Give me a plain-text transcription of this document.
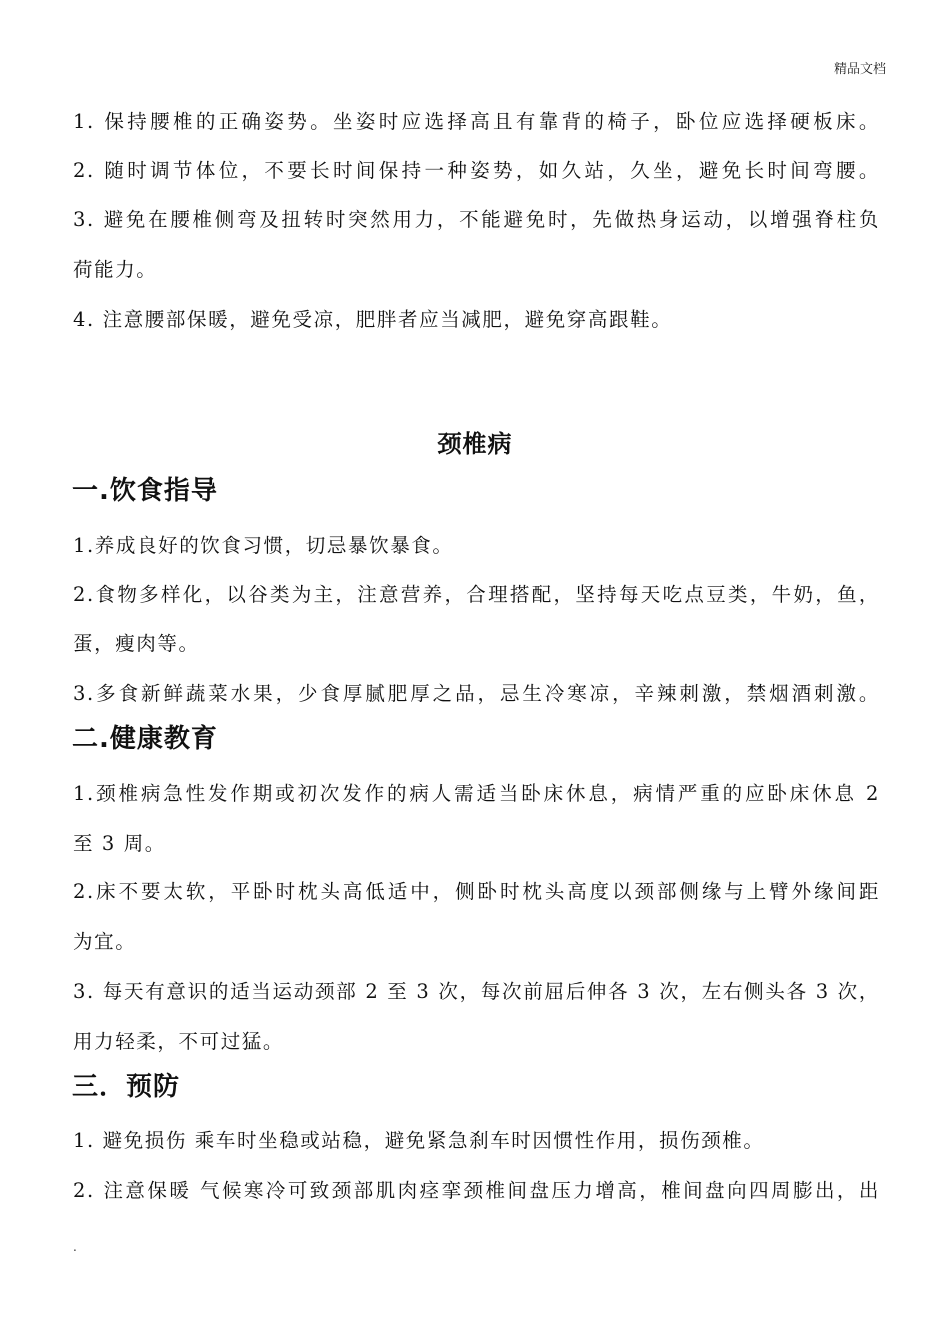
精品文档
1. 保持腰椎的正确姿势。坐姿时应选择高且有靠背的椅子，卧位应选择硬板床。
2. 随时调节体位，不要长时间保持一种姿势，如久站，久坐，避免长时间弯腰。
3. 避免在腰椎侧弯及扭转时突然用力，不能避免时，先做热身运动，以增强脊柱负
荷能力。
4. 注意腰部保暖，避免受凉，肥胖者应当减肥，避免穿高跟鞋。
颈椎病
一.饮食指导
1.养成良好的饮食习惯，切忌暴饮暴食。
2.食物多样化，以谷类为主，注意营养，合理搭配，坚持每天吃点豆类，牛奶，鱼，
蛋，瘦肉等。
3.多食新鲜蔬菜水果，少食厚腻肥厚之品，忌生冷寒凉，辛辣刺激，禁烟酒刺激。
二.健康教育
1.颈椎病急性发作期或初次发作的病人需适当卧床休息，病情严重的应卧床休息 2
至 3 周。
2.床不要太软，平卧时枕头高低适中，侧卧时枕头高度以颈部侧缘与上臂外缘间距
为宜。
3. 每天有意识的适当运动颈部 2 至 3 次，每次前屈后伸各 3 次，左右侧头各 3 次，
用力轻柔，不可过猛。
三．预防
1. 避免损伤 乘车时坐稳或站稳，避免紧急刹车时因惯性作用，损伤颈椎。
2. 注意保暖 气候寒冷可致颈部肌肉痉挛颈椎间盘压力增高，椎间盘向四周膨出，出
.
